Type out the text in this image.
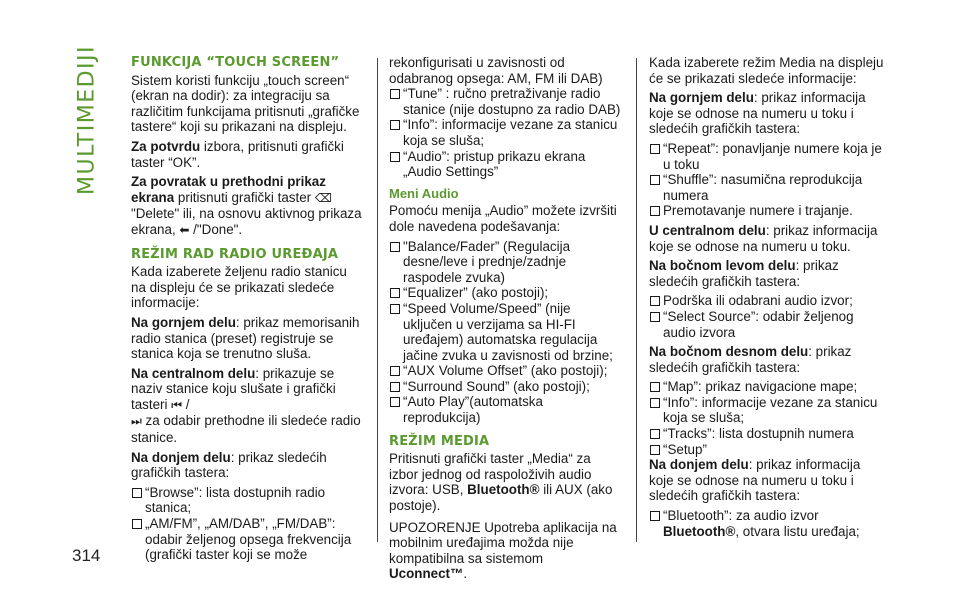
MULTIMEDIJI
314
FUNKCIJA “TOUCH SCREEN”
Sistem koristi funkciju „touch screen“ (ekran na dodir): za integraciju sa različitim funkcijama pritisnuti „grafičke tastere“ koji su prikazani na displeju.
Za potvrdu izbora, pritisnuti grafički taster “OK”.
Za povratak u prethodni prikaz ekrana pritisnuti grafički taster ⌫ "Delete" ili, na osnovu aktivnog prikaza ekrana, ⬅ /"Done".
REŽIM RAD RADIO UREĐAJA
Kada izaberete željenu radio stanicu na displeju će se prikazati sledeće informacije:
Na gornjem delu: prikaz memorisanih radio stanica (preset) registruje se stanica koja se trenutno sluša.
Na centralnom delu: prikazuje se naziv stanice koju slušate i grafički tasteri ⏮ /
⏭ za odabir prethodne ili sledeće radio stanice.
Na donjem delu: prikaz sledećih grafičkih tastera:
“Browse”: lista dostupnih radio stanica;
„AM/FM”, „AM/DAB”, „FM/DAB”: odabir željenog opsega frekvencija (grafički taster koji se može
rekonfigurisati u zavisnosti od odabranog opsega: AM, FM ili DAB)
“Tune” : ručno pretraživanje radio stanice (nije dostupno za radio DAB)
“Info”: informacije vezane za stanicu koja se sluša;
“Audio”: pristup prikazu ekrana „Audio Settings”
Meni Audio
Pomoću menija „Audio” možete izvršiti dole navedena podešavanja:
"Balance/Fader” (Regulacija desne/leve i prednje/zadnje raspodele zvuka)
“Equalizer” (ako postoji);
“Speed Volume/Speed” (nije uključen u verzijama sa HI-FI uređajem) automatska regulacija jačine zvuka u zavisnosti od brzine;
“AUX Volume Offset” (ako postoji);
“Surround Sound” (ako postoji);
“Auto Play”(automatska reprodukcija)
REŽIM MEDIA
Pritisnuti grafički taster „Media“ za izbor jednog od raspoloživih audio izvora: USB, Bluetooth® ili AUX (ako postoje).
UPOZORENJE Upotreba aplikacija na mobilnim uređajima možda nije kompatibilna sa sistemom Uconnect™.
Kada izaberete režim Media na displeju će se prikazati sledeće informacije:
Na gornjem delu: prikaz informacija koje se odnose na numeru u toku i sledećih grafičkih tastera:
“Repeat”: ponavljanje numere koja je u toku
“Shuffle”: nasumična reprodukcija numera
Premotavanje numere i trajanje.
U centralnom delu: prikaz informacija koje se odnose na numeru u toku.
Na bočnom levom delu: prikaz sledećih grafičkih tastera:
Podrška ili odabrani audio izvor;
“Select Source”: odabir željenog audio izvora
Na bočnom desnom delu: prikaz sledećih grafičkih tastera:
“Map”: prikaz navigacione mape;
“Info”: informacije vezane za stanicu koja se sluša;
“Tracks”: lista dostupnih numera
“Setup”
Na donjem delu: prikaz informacija koje se odnose na numeru u toku i sledećih grafičkih tastera:
“Bluetooth”: za audio izvor
Bluetooth®, otvara listu uređaja;
